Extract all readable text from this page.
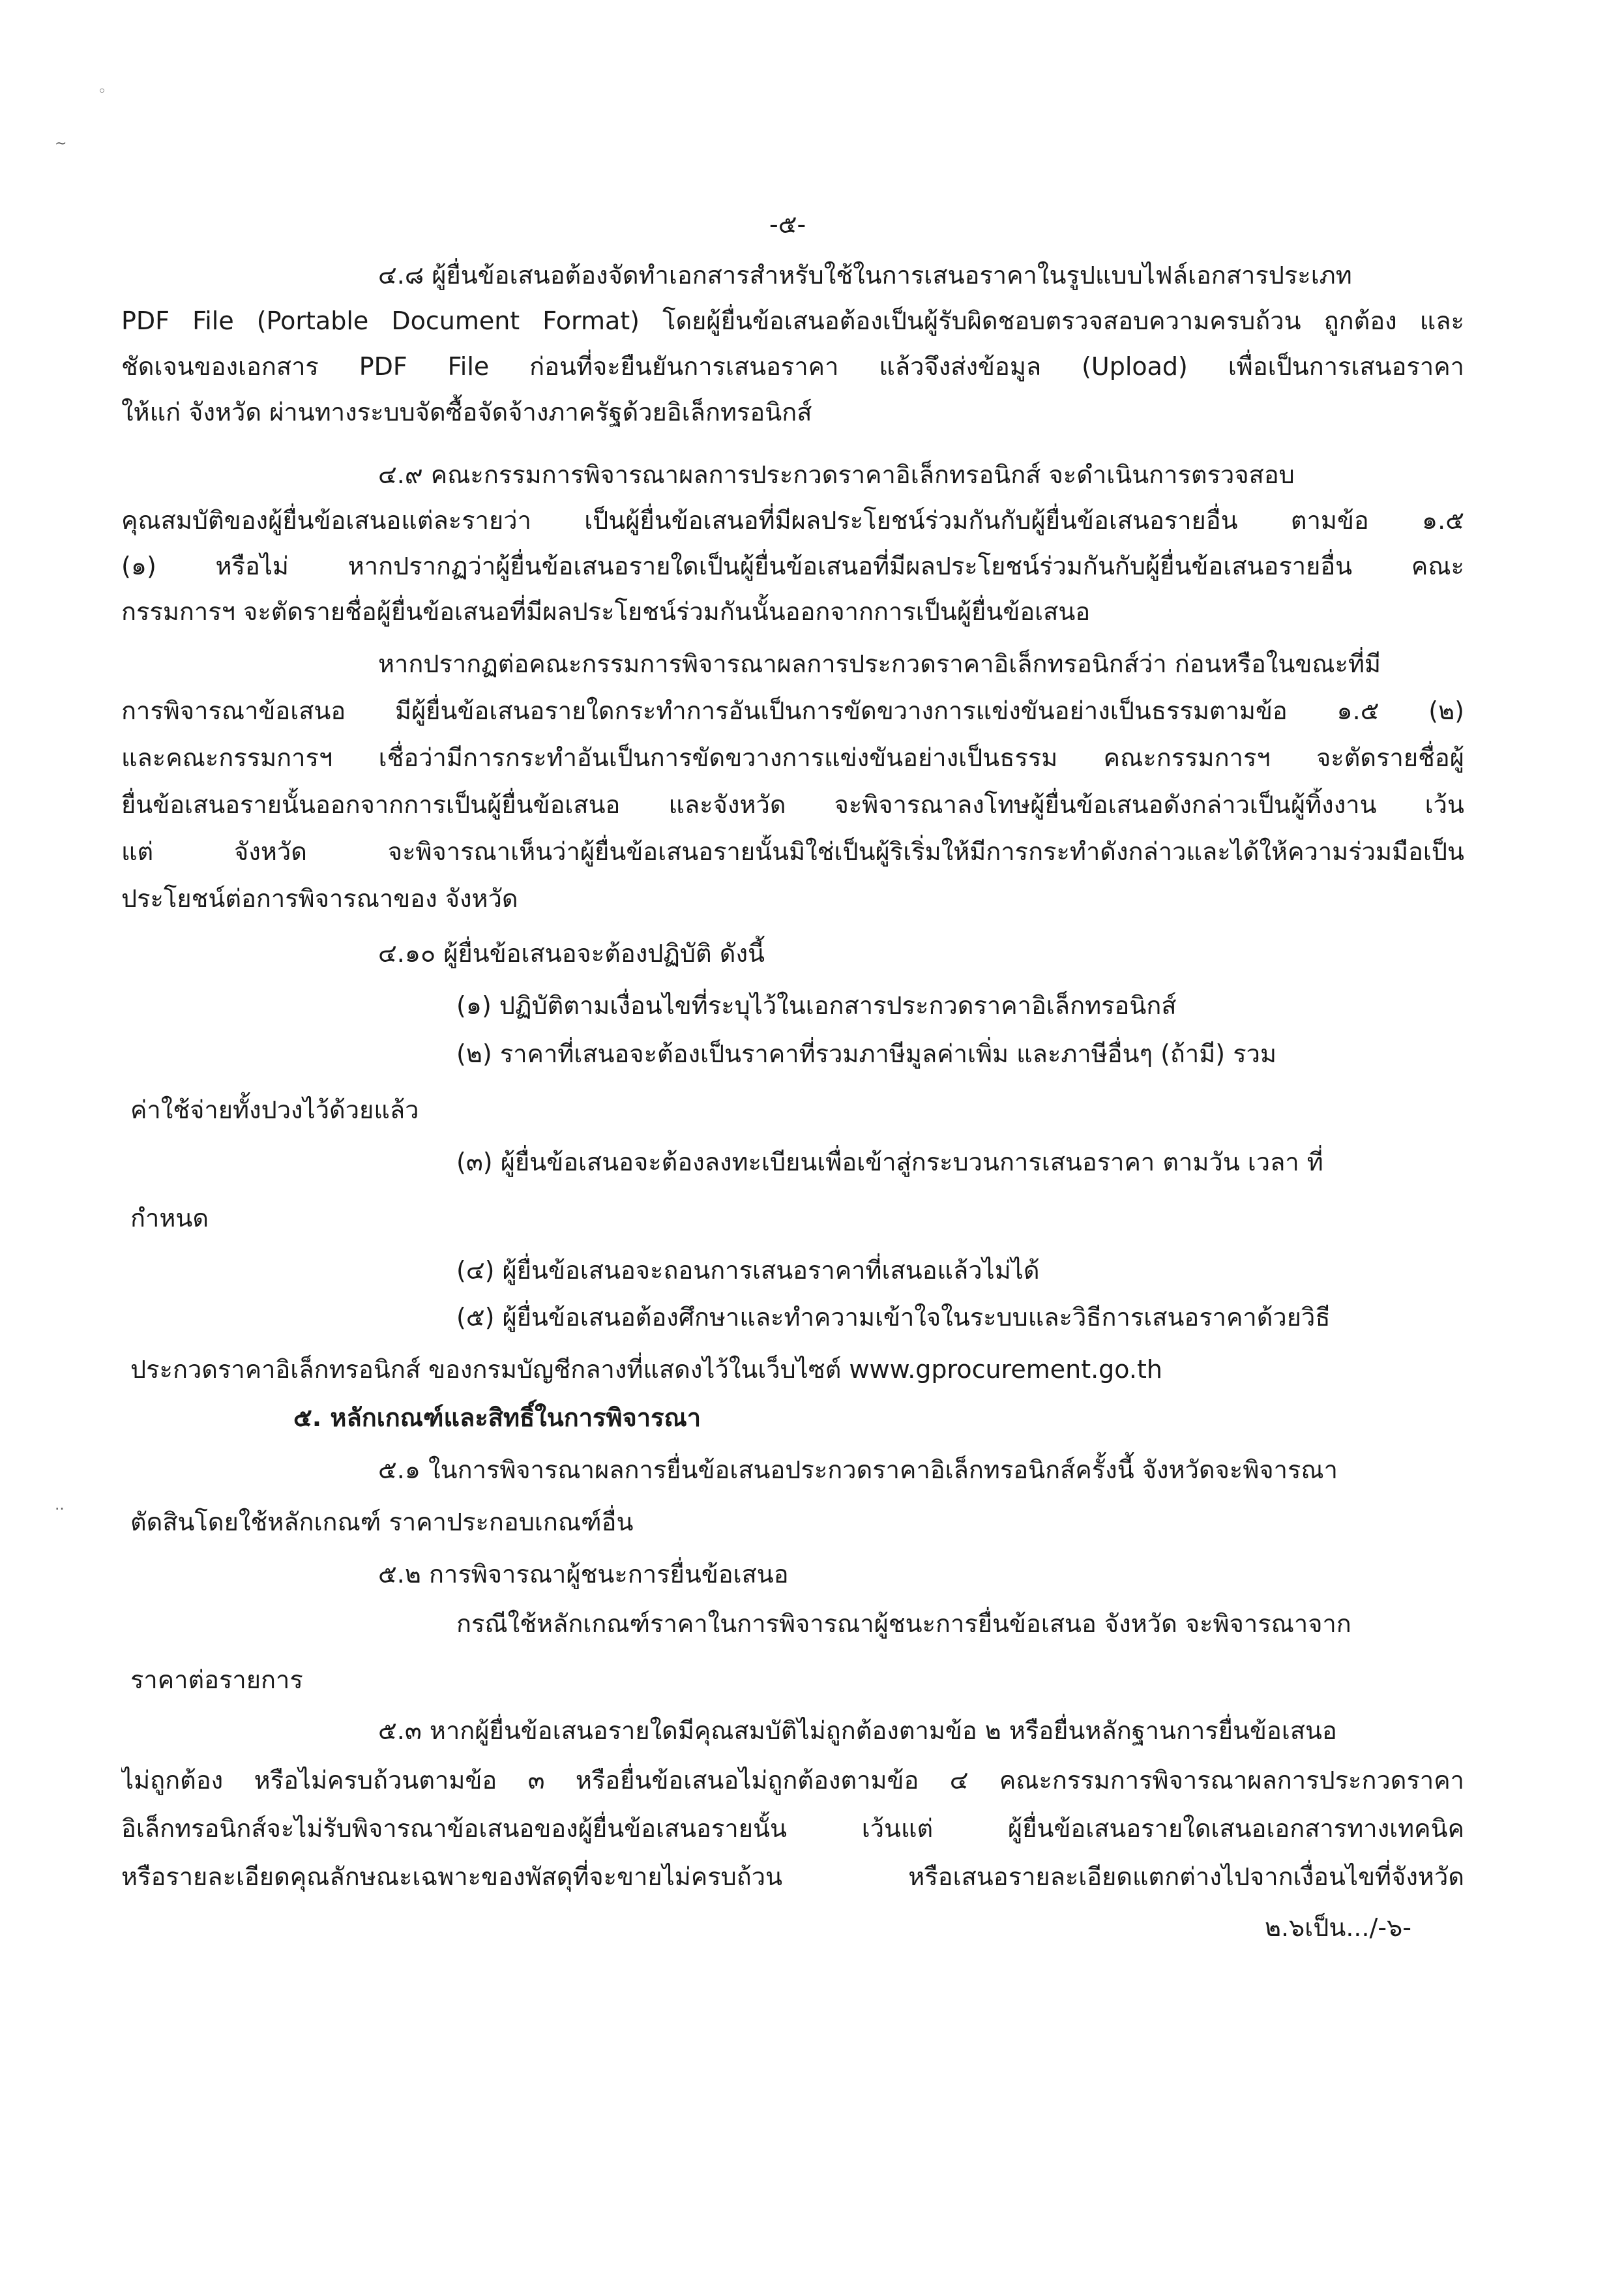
◦
~
‥
-๕-
๔.๘ ผู้ยื่นข้อเสนอต้องจัดทำเอกสารสำหรับใช้ในการเสนอราคาในรูปแบบไฟล์เอกสารประเภท
PDF File (Portable Document Format) โดยผู้ยื่นข้อเสนอต้องเป็นผู้รับผิดชอบตรวจสอบความครบถ้วน ถูกต้อง และ
ชัดเจนของเอกสาร PDF File ก่อนที่จะยืนยันการเสนอราคา แล้วจึงส่งข้อมูล (Upload) เพื่อเป็นการเสนอราคา
ให้แก่ จังหวัด ผ่านทางระบบจัดซื้อจัดจ้างภาครัฐด้วยอิเล็กทรอนิกส์
๔.๙ คณะกรรมการพิจารณาผลการประกวดราคาอิเล็กทรอนิกส์ จะดำเนินการตรวจสอบ
คุณสมบัติของผู้ยื่นข้อเสนอแต่ละรายว่า เป็นผู้ยื่นข้อเสนอที่มีผลประโยชน์ร่วมกันกับผู้ยื่นข้อเสนอรายอื่น ตามข้อ ๑.๕
(๑) หรือไม่ หากปรากฏว่าผู้ยื่นข้อเสนอรายใดเป็นผู้ยื่นข้อเสนอที่มีผลประโยชน์ร่วมกันกับผู้ยื่นข้อเสนอรายอื่น คณะ
กรรมการฯ จะตัดรายชื่อผู้ยื่นข้อเสนอที่มีผลประโยชน์ร่วมกันนั้นออกจากการเป็นผู้ยื่นข้อเสนอ
หากปรากฏต่อคณะกรรมการพิจารณาผลการประกวดราคาอิเล็กทรอนิกส์ว่า ก่อนหรือในขณะที่มี
การพิจารณาข้อเสนอ มีผู้ยื่นข้อเสนอรายใดกระทำการอันเป็นการขัดขวางการแข่งขันอย่างเป็นธรรมตามข้อ ๑.๕ (๒)
และคณะกรรมการฯ เชื่อว่ามีการกระทำอันเป็นการขัดขวางการแข่งขันอย่างเป็นธรรม คณะกรรมการฯ จะตัดรายชื่อผู้
ยื่นข้อเสนอรายนั้นออกจากการเป็นผู้ยื่นข้อเสนอ และจังหวัด จะพิจารณาลงโทษผู้ยื่นข้อเสนอดังกล่าวเป็นผู้ทิ้งงาน เว้น
แต่ จังหวัด จะพิจารณาเห็นว่าผู้ยื่นข้อเสนอรายนั้นมิใช่เป็นผู้ริเริ่มให้มีการกระทำดังกล่าวและได้ให้ความร่วมมือเป็น
ประโยชน์ต่อการพิจารณาของ จังหวัด
๔.๑๐ ผู้ยื่นข้อเสนอจะต้องปฏิบัติ ดังนี้
(๑) ปฏิบัติตามเงื่อนไขที่ระบุไว้ในเอกสารประกวดราคาอิเล็กทรอนิกส์
(๒) ราคาที่เสนอจะต้องเป็นราคาที่รวมภาษีมูลค่าเพิ่ม และภาษีอื่นๆ (ถ้ามี) รวม
ค่าใช้จ่ายทั้งปวงไว้ด้วยแล้ว
(๓) ผู้ยื่นข้อเสนอจะต้องลงทะเบียนเพื่อเข้าสู่กระบวนการเสนอราคา ตามวัน เวลา ที่
กำหนด
(๔) ผู้ยื่นข้อเสนอจะถอนการเสนอราคาที่เสนอแล้วไม่ได้
(๕) ผู้ยื่นข้อเสนอต้องศึกษาและทำความเข้าใจในระบบและวิธีการเสนอราคาด้วยวิธี
ประกวดราคาอิเล็กทรอนิกส์ ของกรมบัญชีกลางที่แสดงไว้ในเว็บไซต์ www.gprocurement.go.th
๕. หลักเกณฑ์และสิทธิ์ในการพิจารณา
๕.๑ ในการพิจารณาผลการยื่นข้อเสนอประกวดราคาอิเล็กทรอนิกส์ครั้งนี้ จังหวัดจะพิจารณา
ตัดสินโดยใช้หลักเกณฑ์ ราคาประกอบเกณฑ์อื่น
๕.๒ การพิจารณาผู้ชนะการยื่นข้อเสนอ
กรณีใช้หลักเกณฑ์ราคาในการพิจารณาผู้ชนะการยื่นข้อเสนอ จังหวัด จะพิจารณาจาก
ราคาต่อรายการ
๕.๓ หากผู้ยื่นข้อเสนอรายใดมีคุณสมบัติไม่ถูกต้องตามข้อ ๒ หรือยื่นหลักฐานการยื่นข้อเสนอ
ไม่ถูกต้อง หรือไม่ครบถ้วนตามข้อ ๓ หรือยื่นข้อเสนอไม่ถูกต้องตามข้อ ๔ คณะกรรมการพิจารณาผลการประกวดราคา
อิเล็กทรอนิกส์จะไม่รับพิจารณาข้อเสนอของผู้ยื่นข้อเสนอรายนั้น เว้นแต่ ผู้ยื่นข้อเสนอรายใดเสนอเอกสารทางเทคนิค
หรือรายละเอียดคุณลักษณะเฉพาะของพัสดุที่จะขายไม่ครบถ้วน หรือเสนอรายละเอียดแตกต่างไปจากเงื่อนไขที่จังหวัด
๒.๖เป็น.../-๖-
